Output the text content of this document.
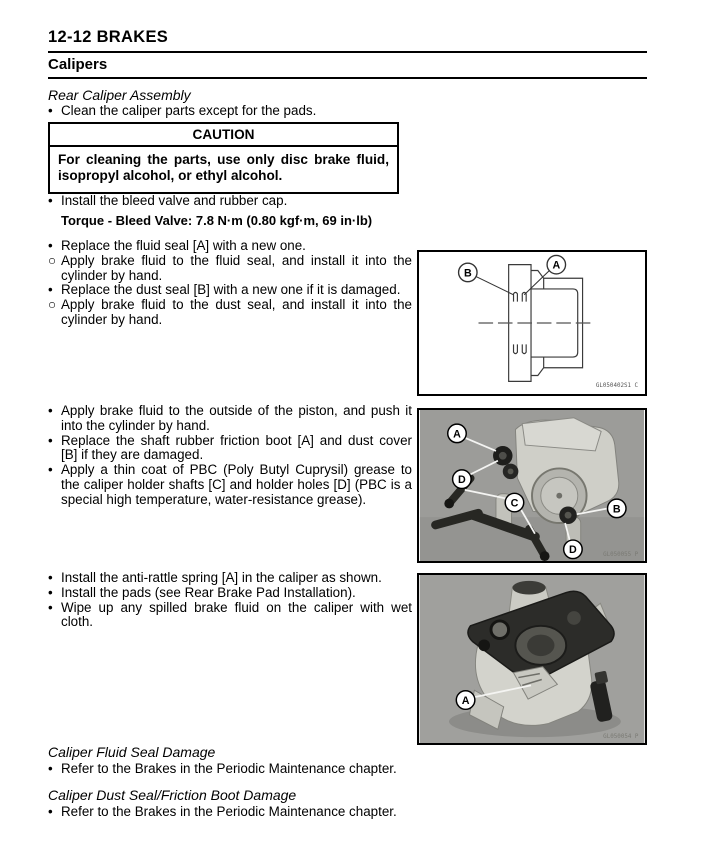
12-12 BRAKES
Calipers
Rear Caliper Assembly
• Clean the caliper parts except for the pads.
CAUTION
For cleaning the parts, use only disc brake fluid, isopropyl alcohol, or ethyl alcohol.
• Install the bleed valve and rubber cap.
Torque - Bleed Valve: 7.8 N·m (0.80 kgf·m, 69 in·lb)
• Replace the fluid seal [A] with a new one.
○ Apply brake fluid to the fluid seal, and install it into the cylinder by hand.
• Replace the dust seal [B] with a new one if it is damaged.
○ Apply brake fluid to the dust seal, and install it into the cylinder by hand.
• Apply brake fluid to the outside of the piston, and push it into the cylinder by hand.
• Replace the shaft rubber friction boot [A] and dust cover [B] if they are damaged.
• Apply a thin coat of PBC (Poly Butyl Cuprysil) grease to the caliper holder shafts [C] and holder holes [D] (PBC is a special high temperature, water-resistance grease).
• Install the anti-rattle spring [A] in the caliper as shown.
• Install the pads (see Rear Brake Pad Installation).
• Wipe up any spilled brake fluid on the caliper with wet cloth.
B
A
GL050402S1 C
A
D
C	B
D	GL050055 P
A
GL050054 P
Caliper Fluid Seal Damage
• Refer to the Brakes in the Periodic Maintenance chapter.
Caliper Dust Seal/Friction Boot Damage
• Refer to the Brakes in the Periodic Maintenance chapter.
